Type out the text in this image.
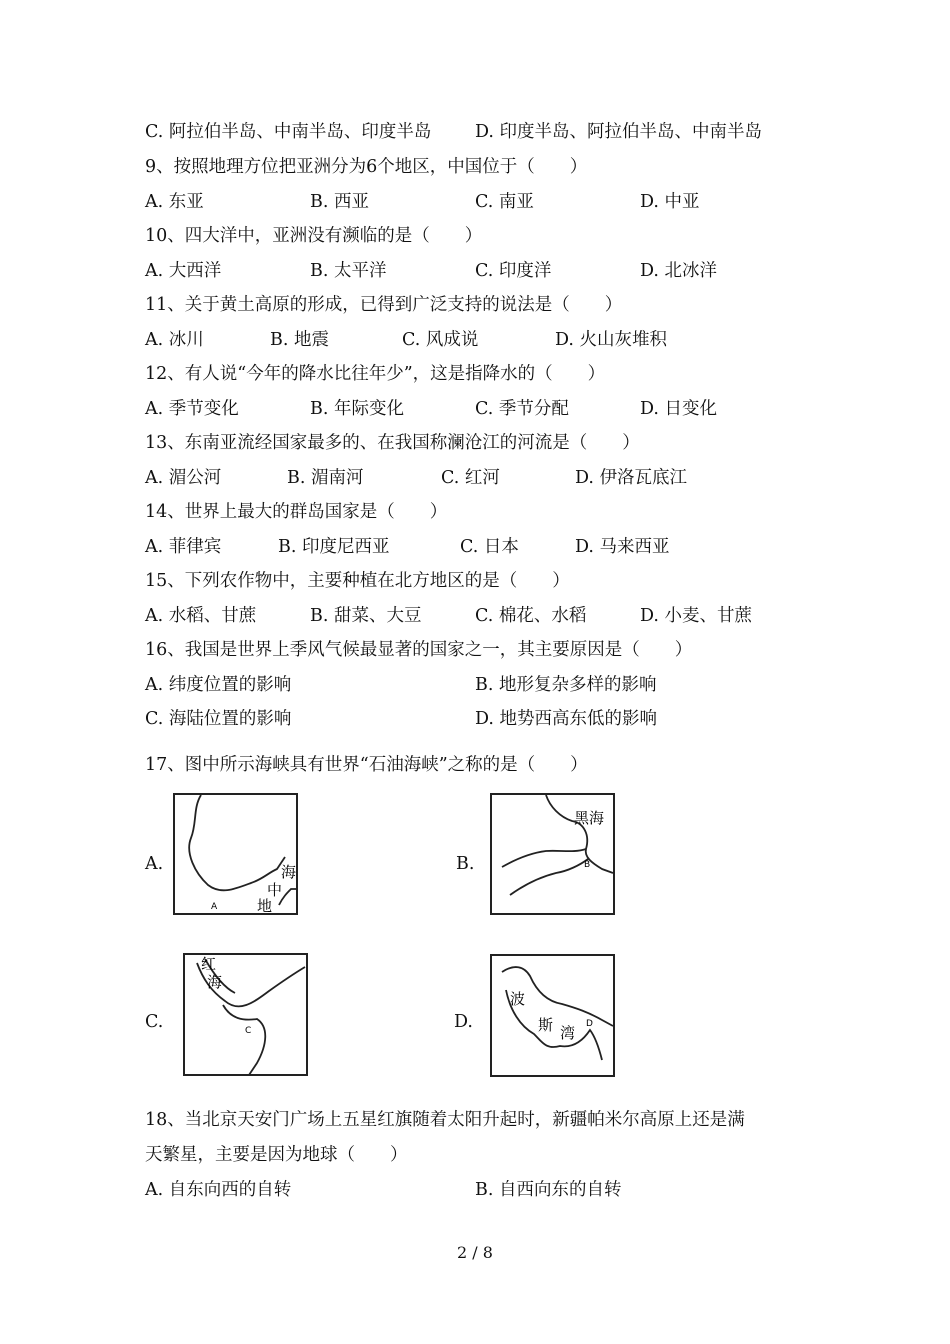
C. 阿拉伯半岛、中南半岛、印度半岛 D. 印度半岛、阿拉伯半岛、中南半岛
9、按照地理方位把亚洲分为6个地区，中国位于（　　）
A. 东亚	B. 西亚	C. 南亚	D. 中亚
10、四大洋中，亚洲没有濒临的是（　　）
A. 大西洋	B. 太平洋	C. 印度洋	D. 北冰洋
11、关于黄土高原的形成，已得到广泛支持的说法是（　　）
A. 冰川	B. 地震	C. 风成说	D. 火山灰堆积
12、有人说“今年的降水比往年少”，这是指降水的（　　）
A. 季节变化	B. 年际变化	C. 季节分配	D. 日变化
13、东南亚流经国家最多的、在我国称澜沧江的河流是（　　）
A. 湄公河	B. 湄南河	C. 红河	D. 伊洛瓦底江
14、世界上最大的群岛国家是（　　）
A. 菲律宾	B. 印度尼西亚	C. 日本	D. 马来西亚
15、下列农作物中，主要种植在北方地区的是（　　）
A. 水稻、甘蔗	B. 甜菜、大豆	C. 棉花、水稻	D. 小麦、甘蔗
16、我国是世界上季风气候最显著的国家之一，其主要原因是（　　）
A. 纬度位置的影响	B. 地形复杂多样的影响
C. 海陆位置的影响	D. 地势西高东低的影响
17、图中所示海峡具有世界“石油海峡”之称的是（　　）
A.
A
海
中
地
B.	B
黑海
C.	C
红
海
D.	D
波
斯 湾
18、当北京天安门广场上五星红旗随着太阳升起时，新疆帕米尔高原上还是满
天繁星，主要是因为地球（　　）
A. 自东向西的自转	B. 自西向东的自转
2 / 8
